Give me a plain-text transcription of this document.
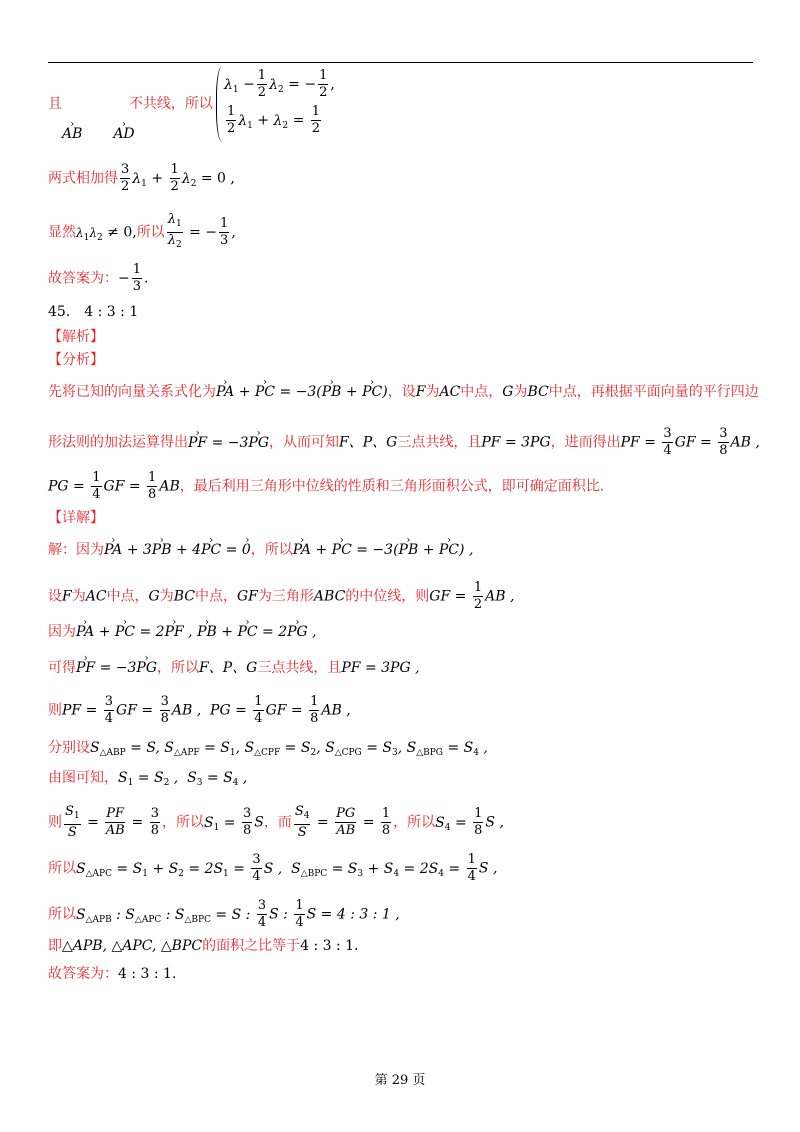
且	不共线，所以
› AB  › AD
$\lambda_1 - \frac{1}{2} \lambda_2$ = − $\frac{1}{2}$ ,
$\frac{1}{2} \lambda_1 + \lambda_2 = \frac{1}{2}$
两式相加得 $\frac{3}{2} \lambda_1 + \frac{1}{2} \lambda_2 = 0$ ,
显然$\lambda_1\lambda_2 \ne 0$,所以 $\frac{\lambda_1}{\lambda_2}$ = − $\frac{1}{3}$ ,
故答案为：− $\frac{1}{3}$ .
45． 4 : 3 : 1
【解析】
【分析】
先将已知的向量关系式化为› PA + › PC = −3(› PB + › PC)，设F为AC中点，G为BC中点，再根据平面向量的平行四边
形法则的加法运算得出› PF = −3› PG，从而可知F、P、G三点共线，且PF = 3PG，进而得出PF = $\frac{3}{4}$ GF = $\frac{3}{8}$ AB ,
PG = $\frac{1}{4}$ GF = $\frac{1}{8}$ AB，最后利用三角形中位线的性质和三角形面积公式，即可确定面积比.
【详解】
解：因为› PA + 3› PB + 4› PC = › 0，所以› PA + › PC = −3(› PB + › PC) ,
设F为AC中点，G为BC中点，GF为三角形ABC的中位线，则GF = $\frac{1}{2}$ AB ,
因为› PA + › PC = 2› PF , › PB + › PC = 2› PG ,
可得› PF = −3› PG，所以F、P、G三点共线，且PF = 3PG ,
则PF = $\frac{3}{4}$ GF = $\frac{3}{8}$ AB ,  PG = $\frac{1}{4}$ GF = $\frac{1}{8}$ AB ,
分别设$S_{\triangle ABP} = S$, $S_{\triangle APF} = S_1$, $S_{\triangle CPF} = S_2$, $S_{\triangle CPG} = S_3$, $S_{\triangle BPG} = S_4$ ,
由图可知，$S_1 = S_2$ ,  $S_3 = S_4$ ,
则 $\frac{S_1}{S} = \frac{PF}{AB} = \frac{3}{8}$ ，所以$S_1 = \frac{3}{8}$ S，而 $\frac{S_4}{S} = \frac{PG}{AB} = \frac{1}{8}$ ，所以$S_4 = \frac{1}{8}$ S ,
所以$S_{\triangle APC} = S_1 + S_2 = 2S_1 = \frac{3}{4}$ S ,  $S_{\triangle BPC} = S_3 + S_4 = 2S_4 = \frac{1}{4}$ S ,
所以$S_{\triangle APB}$ : $S_{\triangle APC}$ : $S_{\triangle BPC} = S$ : $\frac{3}{4}$ S : $\frac{1}{4}$ S = 4 : 3 : 1 ,
即△APB, △APC, △BPC的面积之比等于4 : 3 : 1.
故答案为：4 : 3 : 1.
第 29 页
